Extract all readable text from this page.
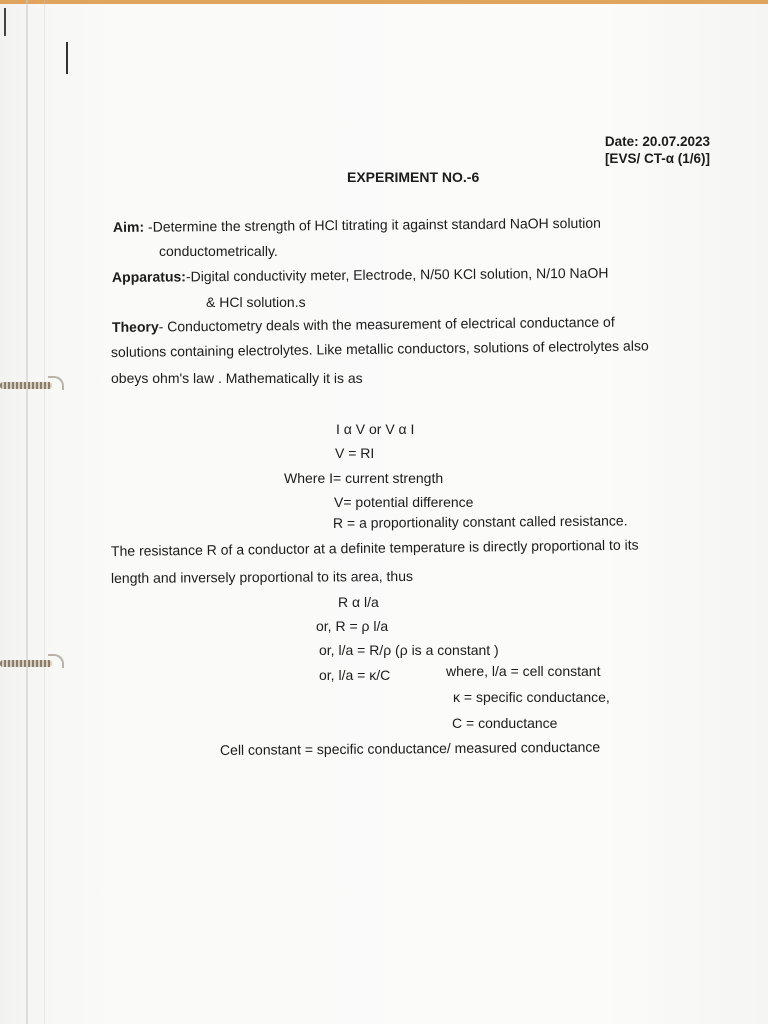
Date: 20.07.2023
[EVS/ CT-α (1/6)]
EXPERIMENT NO.-6
Aim: -Determine the strength of HCl titrating it against standard NaOH solution
conductometrically.
Apparatus:-Digital conductivity meter, Electrode, N/50 KCl solution, N/10 NaOH
& HCl solution.s
Theory- Conductometry deals with the measurement of electrical conductance of
solutions containing electrolytes. Like metallic conductors, solutions of electrolytes also
obeys ohm's law . Mathematically it is as
I α V or V α I
V = RI
Where I= current strength
V= potential difference
R = a proportionality constant called resistance.
The resistance R of a conductor at a definite temperature is directly proportional to its
length and inversely proportional to its area, thus
R α l/a
or, R = ρ l/a
or, l/a = R/ρ (ρ is a constant )
or, l/a = κ/C	where, l/a = cell constant
κ = specific conductance,
C = conductance
Cell constant = specific conductance/ measured conductance
